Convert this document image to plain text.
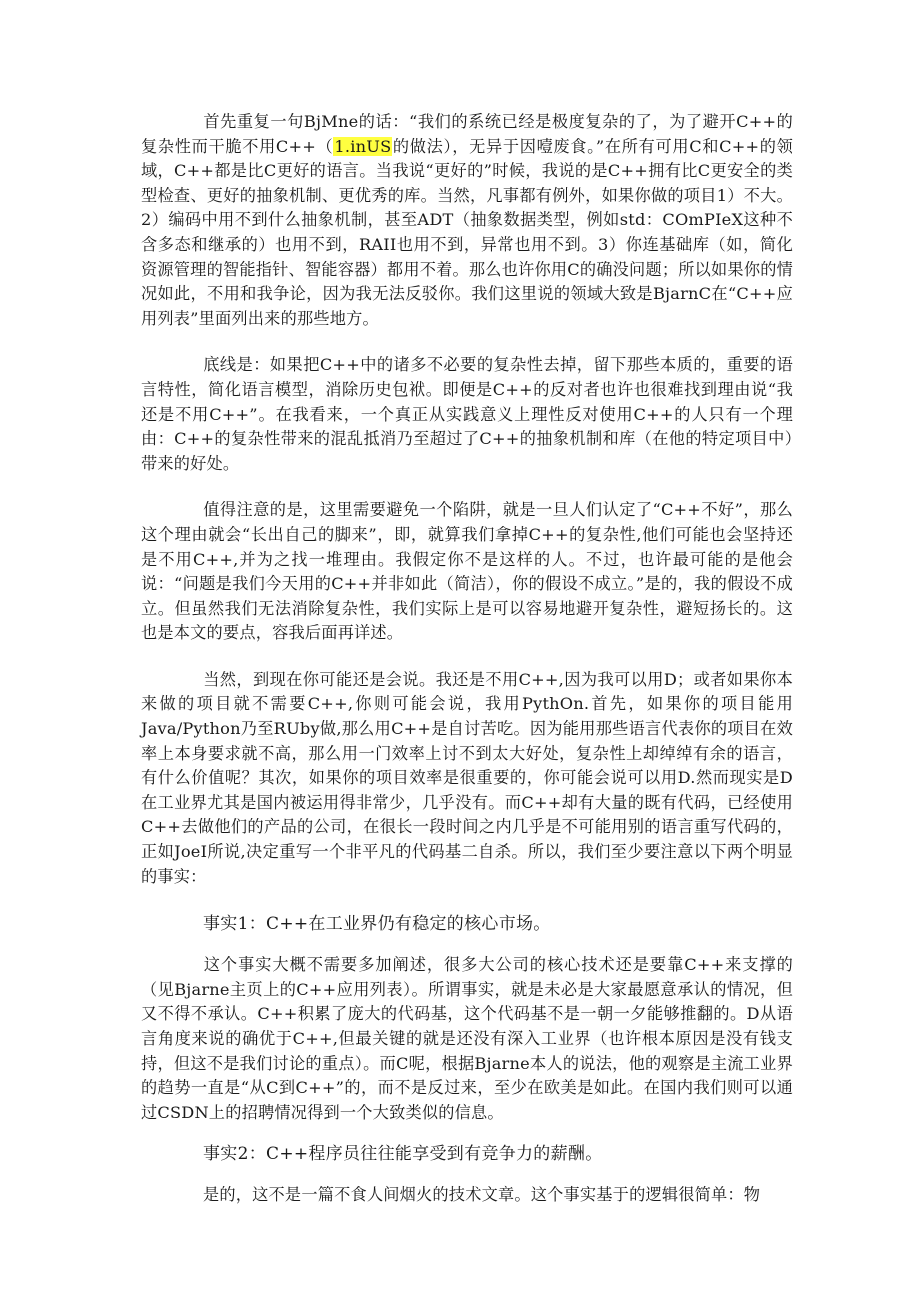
首先重复一句BjMne的话：“我们的系统已经是极度复杂的了，为了避开C++的复杂性而干脆不用C++（1.inUS的做法），无异于因噎废食。”在所有可用C和C++的领域，C++都是比C更好的语言。当我说“更好的”时候，我说的是C++拥有比C更安全的类型检查、更好的抽象机制、更优秀的库。当然，凡事都有例外，如果你做的项目1）不大。2）编码中用不到什么抽象机制，甚至ADT（抽象数据类型，例如std：COmPIeX这种不含多态和继承的）也用不到，RAII也用不到，异常也用不到。3）你连基础库（如，简化资源管理的智能指针、智能容器）都用不着。那么也许你用C的确没问题；所以如果你的情况如此，不用和我争论，因为我无法反驳你。我们这里说的领域大致是BjarnC在“C++应用列表”里面列出来的那些地方。

底线是：如果把C++中的诸多不必要的复杂性去掉，留下那些本质的，重要的语言特性，简化语言模型，消除历史包袱。即便是C++的反对者也许也很难找到理由说“我还是不用C++”。在我看来，一个真正从实践意义上理性反对使用C++的人只有一个理由：C++的复杂性带来的混乱抵消乃至超过了C++的抽象机制和库（在他的特定项目中）带来的好处。

值得注意的是，这里需要避免一个陷阱，就是一旦人们认定了“C++不好”，那么这个理由就会“长出自己的脚来”，即，就算我们拿掉C++的复杂性,他们可能也会坚持还是不用C++,并为之找一堆理由。我假定你不是这样的人。不过，也许最可能的是他会说：“问题是我们今天用的C++并非如此（简洁），你的假设不成立。”是的，我的假设不成立。但虽然我们无法消除复杂性，我们实际上是可以容易地避开复杂性，避短扬长的。这也是本文的要点，容我后面再详述。

当然，到现在你可能还是会说。我还是不用C++,因为我可以用D；或者如果你本来做的项目就不需要C++,你则可能会说，我用PythOn.首先，如果你的项目能用Java/Python乃至RUby做,那么用C++是自讨苦吃。因为能用那些语言代表你的项目在效率上本身要求就不高，那么用一门效率上讨不到太大好处，复杂性上却绰绰有余的语言，有什么价值呢？其次，如果你的项目效率是很重要的，你可能会说可以用D.然而现实是D在工业界尤其是国内被运用得非常少，几乎没有。而C++却有大量的既有代码，已经使用C++去做他们的产品的公司，在很长一段时间之内几乎是不可能用别的语言重写代码的，正如JoeI所说,决定重写一个非平凡的代码基二自杀。所以，我们至少要注意以下两个明显的事实：

事实1：C++在工业界仍有稳定的核心市场。

这个事实大概不需要多加阐述，很多大公司的核心技术还是要靠C++来支撑的（见Bjarne主页上的C++应用列表）。所谓事实，就是未必是大家最愿意承认的情况，但又不得不承认。C++积累了庞大的代码基，这个代码基不是一朝一夕能够推翻的。D从语言角度来说的确优于C++,但最关键的就是还没有深入工业界（也许根本原因是没有钱支持，但这不是我们讨论的重点）。而C呢，根据Bjarne本人的说法，他的观察是主流工业界的趋势一直是“从C到C++”的，而不是反过来，至少在欧美是如此。在国内我们则可以通过CSDN上的招聘情况得到一个大致类似的信息。

事实2：C++程序员往往能享受到有竞争力的薪酬。

是的，这不是一篇不食人间烟火的技术文章。这个事实基于的逻辑很简单：物
